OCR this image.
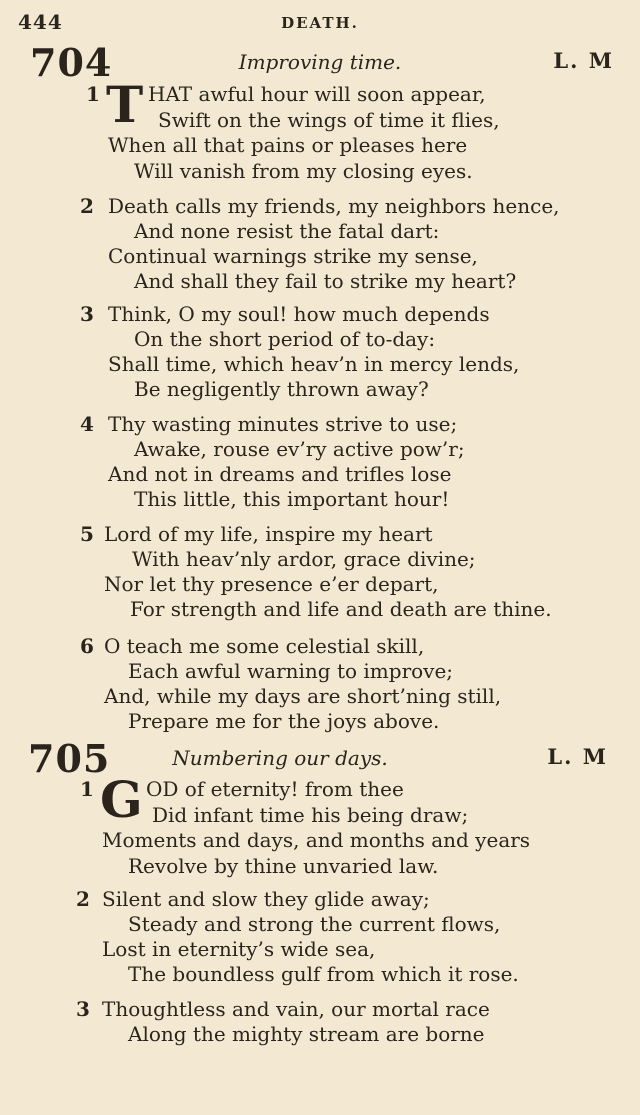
444	DEATH.
704	Improving time.	L. M
1 T HAT awful hour will soon appear,
Swift on the wings of time it flies,
When all that pains or pleases here
Will vanish from my closing eyes.
2 Death calls my friends, my neighbors hence,
And none resist the fatal dart:
Continual warnings strike my sense,
And shall they fail to strike my heart?
3 Think, O my soul! how much depends
On the short period of to-day:
Shall time, which heav’n in mercy lends,
Be negligently thrown away?
4 Thy wasting minutes strive to use;
Awake, rouse ev’ry active pow’r;
And not in dreams and trifles lose
This little, this important hour!
5 Lord of my life, inspire my heart
With heav’nly ardor, grace divine;
Nor let thy presence e’er depart,
For strength and life and death are thine.
6 O teach me some celestial skill,
Each awful warning to improve;
And, while my days are short’ning still,
Prepare me for the joys above.
705	Numbering our days.	L. M
1 G OD of eternity! from thee
Did infant time his being draw;
Moments and days, and months and years
Revolve by thine unvaried law.
2 Silent and slow they glide away;
Steady and strong the current flows,
Lost in eternity’s wide sea,
The boundless gulf from which it rose.
3 Thoughtless and vain, our mortal race
Along the mighty stream are borne
